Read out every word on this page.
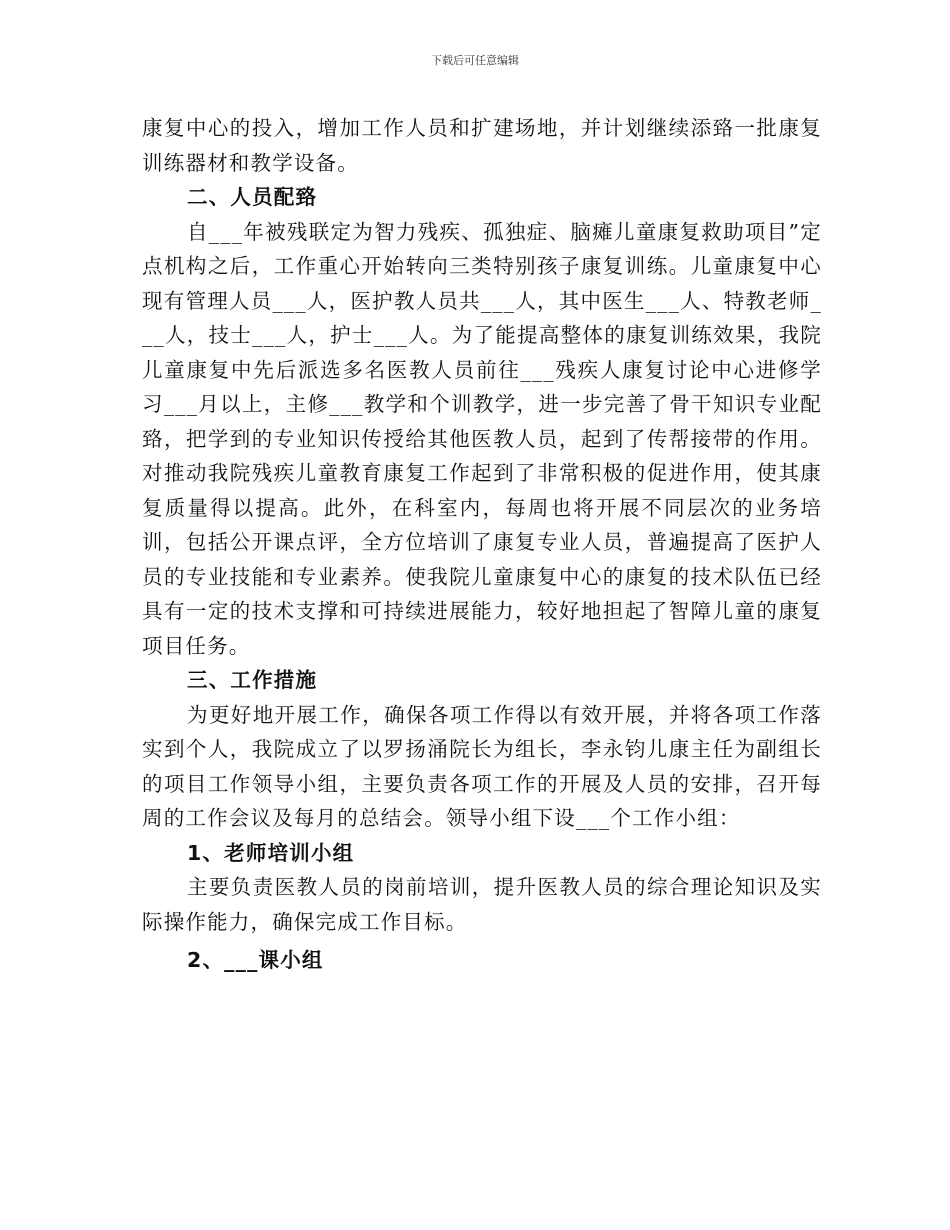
下载后可任意编辑

康复中心的投入，增加工作人员和扩建场地，并计划继续添臵一批康复训练器材和教学设备。

二、人员配臵

自___年被残联定为智力残疾、孤独症、脑瘫儿童康复救助项目”定点机构之后，工作重心开始转向三类特别孩子康复训练。儿童康复中心现有管理人员___人，医护教人员共___人，其中医生___人、特教老师___人，技士___人，护士___人。为了能提高整体的康复训练效果，我院儿童康复中先后派选多名医教人员前往___残疾人康复讨论中心进修学习___月以上，主修___教学和个训教学，进一步完善了骨干知识专业配臵，把学到的专业知识传授给其他医教人员，起到了传帮接带的作用。对推动我院残疾儿童教育康复工作起到了非常积极的促进作用，使其康复质量得以提高。此外，在科室内，每周也将开展不同层次的业务培训，包括公开课点评，全方位培训了康复专业人员，普遍提高了医护人员的专业技能和专业素养。使我院儿童康复中心的康复的技术队伍已经具有一定的技术支撑和可持续进展能力，较好地担起了智障儿童的康复项目任务。

三、工作措施

为更好地开展工作，确保各项工作得以有效开展，并将各项工作落实到个人，我院成立了以罗扬涌院长为组长，李永钧儿康主任为副组长的项目工作领导小组，主要负责各项工作的开展及人员的安排，召开每周的工作会议及每月的总结会。领导小组下设___个工作小组：

1、老师培训小组

主要负责医教人员的岗前培训，提升医教人员的综合理论知识及实际操作能力，确保完成工作目标。

2、___课小组
